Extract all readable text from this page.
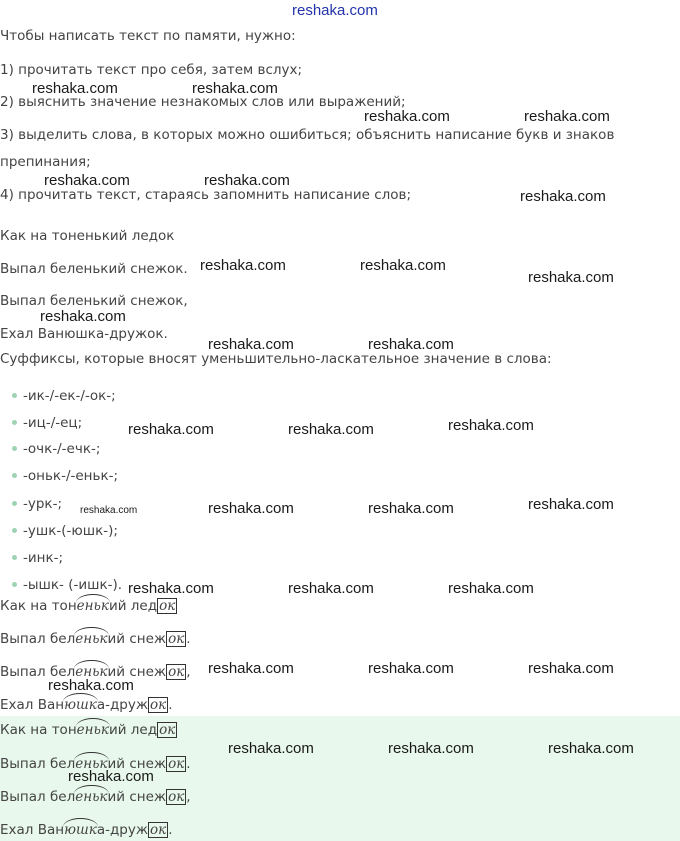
reshaka.com
Чтобы написать текст по памяти, нужно:
1) прочитать текст про себя, затем вслух;
2) выяснить значение незнакомых слов или выражений;
3) выделить слова, в которых можно ошибиться; объяснить написание букв и знаков
препинания;
4) прочитать текст, стараясь запомнить написание слов;
Как на тоненький ледок
Выпал беленький снежок.
Выпал беленький снежок,
Ехал Ванюшка-дружок.
Суффиксы, которые вносят уменьшительно-ласкательное значение в слова:
-ик-/-ек-/-ок-;
-иц-/-ец;
-очк-/-ечк-;
-оньк-/-еньк-;
-урк-;
-ушк-(-юшк-);
-инк-;
-ышк- (-ишк-).
Как на тоненький лед ок
Выпал беленький снеж ок .
Выпал беленький снеж ок ,
Ехал Ванюшка-друж ок .
Как на тоненький лед ок
Выпал беленький снеж ок .
Выпал беленький снеж ок ,
Ехал Ванюшка-друж ок .
reshaka.com	reshaka.com
reshaka.com	reshaka.com
reshaka.com	reshaka.com
reshaka.com
reshaka.com	reshaka.com
reshaka.com
reshaka.com
reshaka.com	reshaka.com
reshaka.com	reshaka.com	reshaka.com
reshaka.com	reshaka.com	reshaka.com	reshaka.com
reshaka.com	reshaka.com	reshaka.com
reshaka.com	reshaka.com	reshaka.com
reshaka.com
reshaka.com	reshaka.com	reshaka.com
reshaka.com
